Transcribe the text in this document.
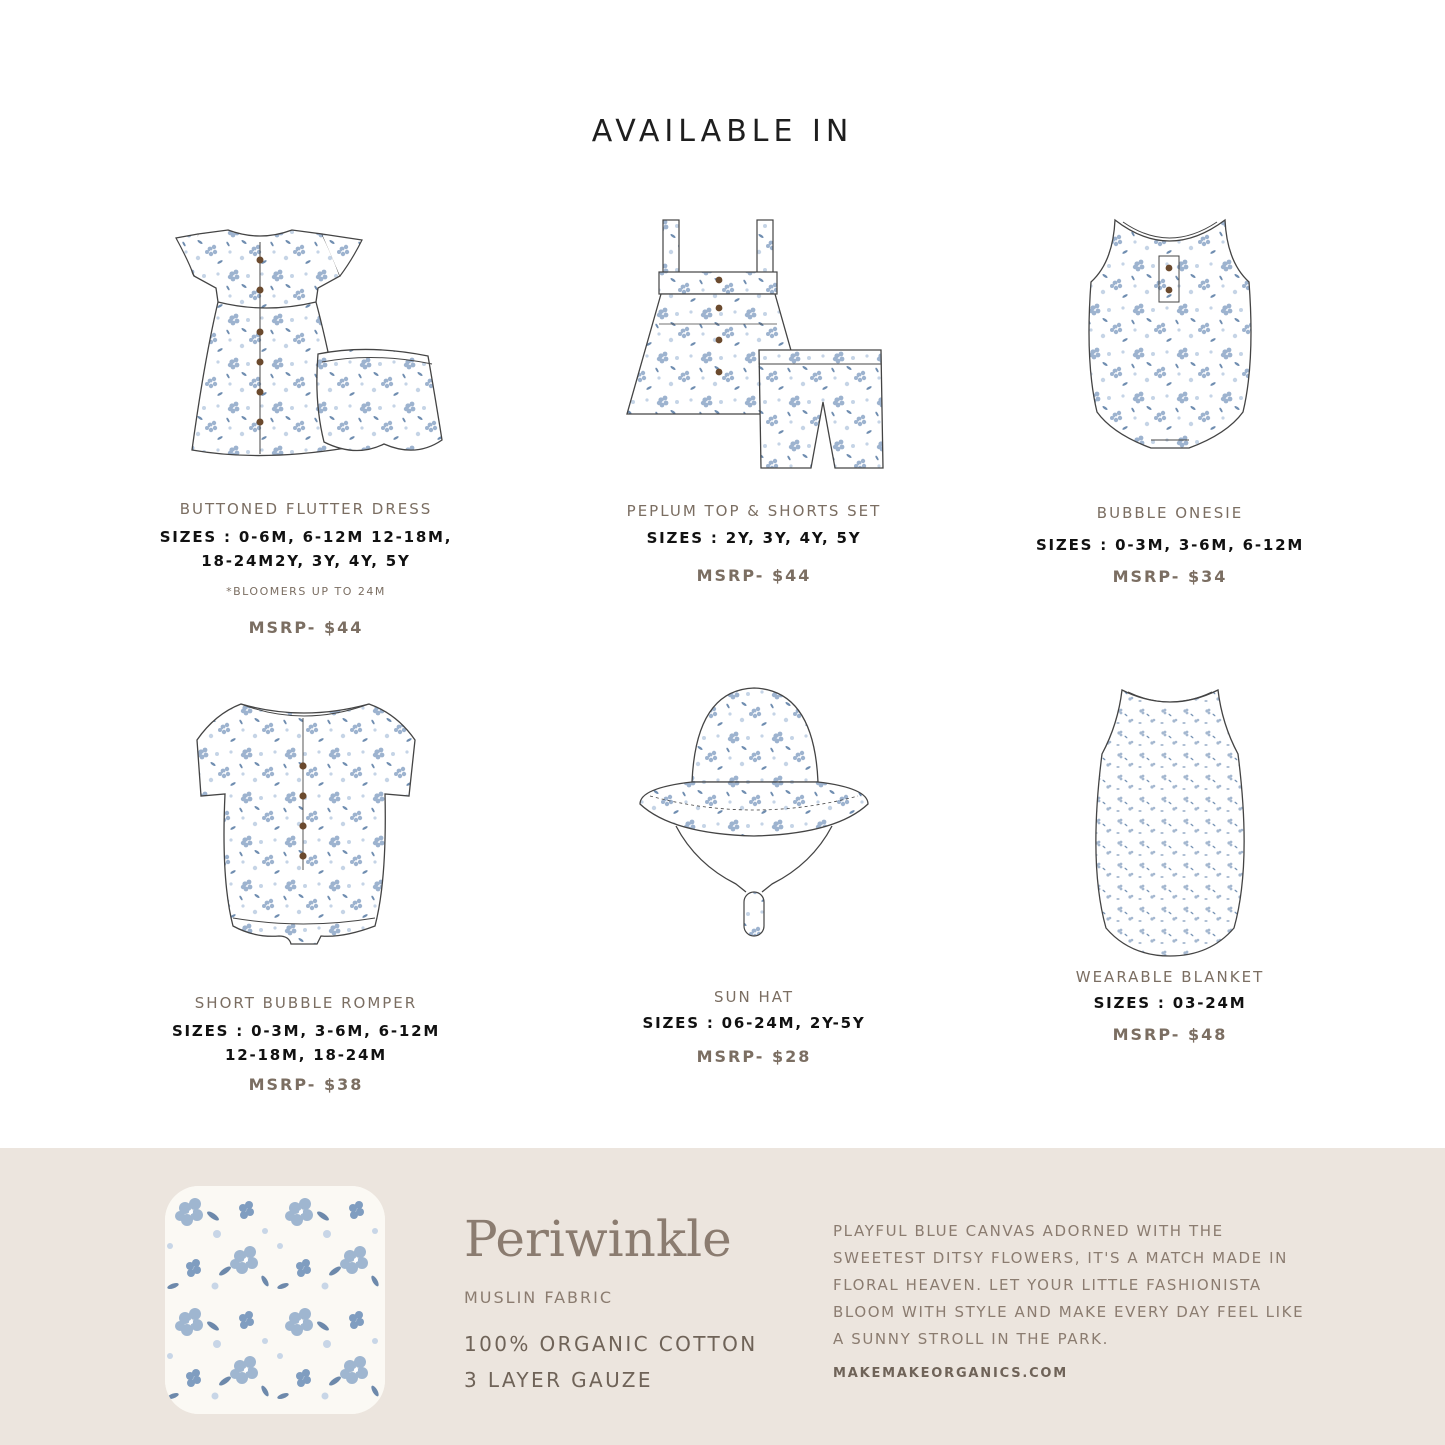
AVAILABLE IN
BUTTONED FLUTTER DRESS
SIZES : 0-6M, 6-12M 12-18M,
18-24M2Y, 3Y, 4Y, 5Y
*BLOOMERS UP TO 24M
MSRP- $44
PEPLUM TOP & SHORTS SET
SIZES : 2Y, 3Y, 4Y, 5Y
MSRP- $44
BUBBLE ONESIE
SIZES : 0-3M, 3-6M, 6-12M
MSRP- $34
SHORT BUBBLE ROMPER
SIZES : 0-3M, 3-6M, 6-12M
12-18M, 18-24M
MSRP- $38
SUN HAT
SIZES : 06-24M, 2Y-5Y
MSRP- $28
WEARABLE BLANKET
SIZES : 03-24M
MSRP- $48
Periwinkle
MUSLIN FABRIC
100% ORGANIC COTTON
3 LAYER GAUZE
PLAYFUL BLUE CANVAS ADORNED WITH THE
SWEETEST DITSY FLOWERS, IT'S A MATCH MADE IN
FLORAL HEAVEN. LET YOUR LITTLE FASHIONISTA
BLOOM WITH STYLE AND MAKE EVERY DAY FEEL LIKE
A SUNNY STROLL IN THE PARK.
MAKEMAKEORGANICS.COM
